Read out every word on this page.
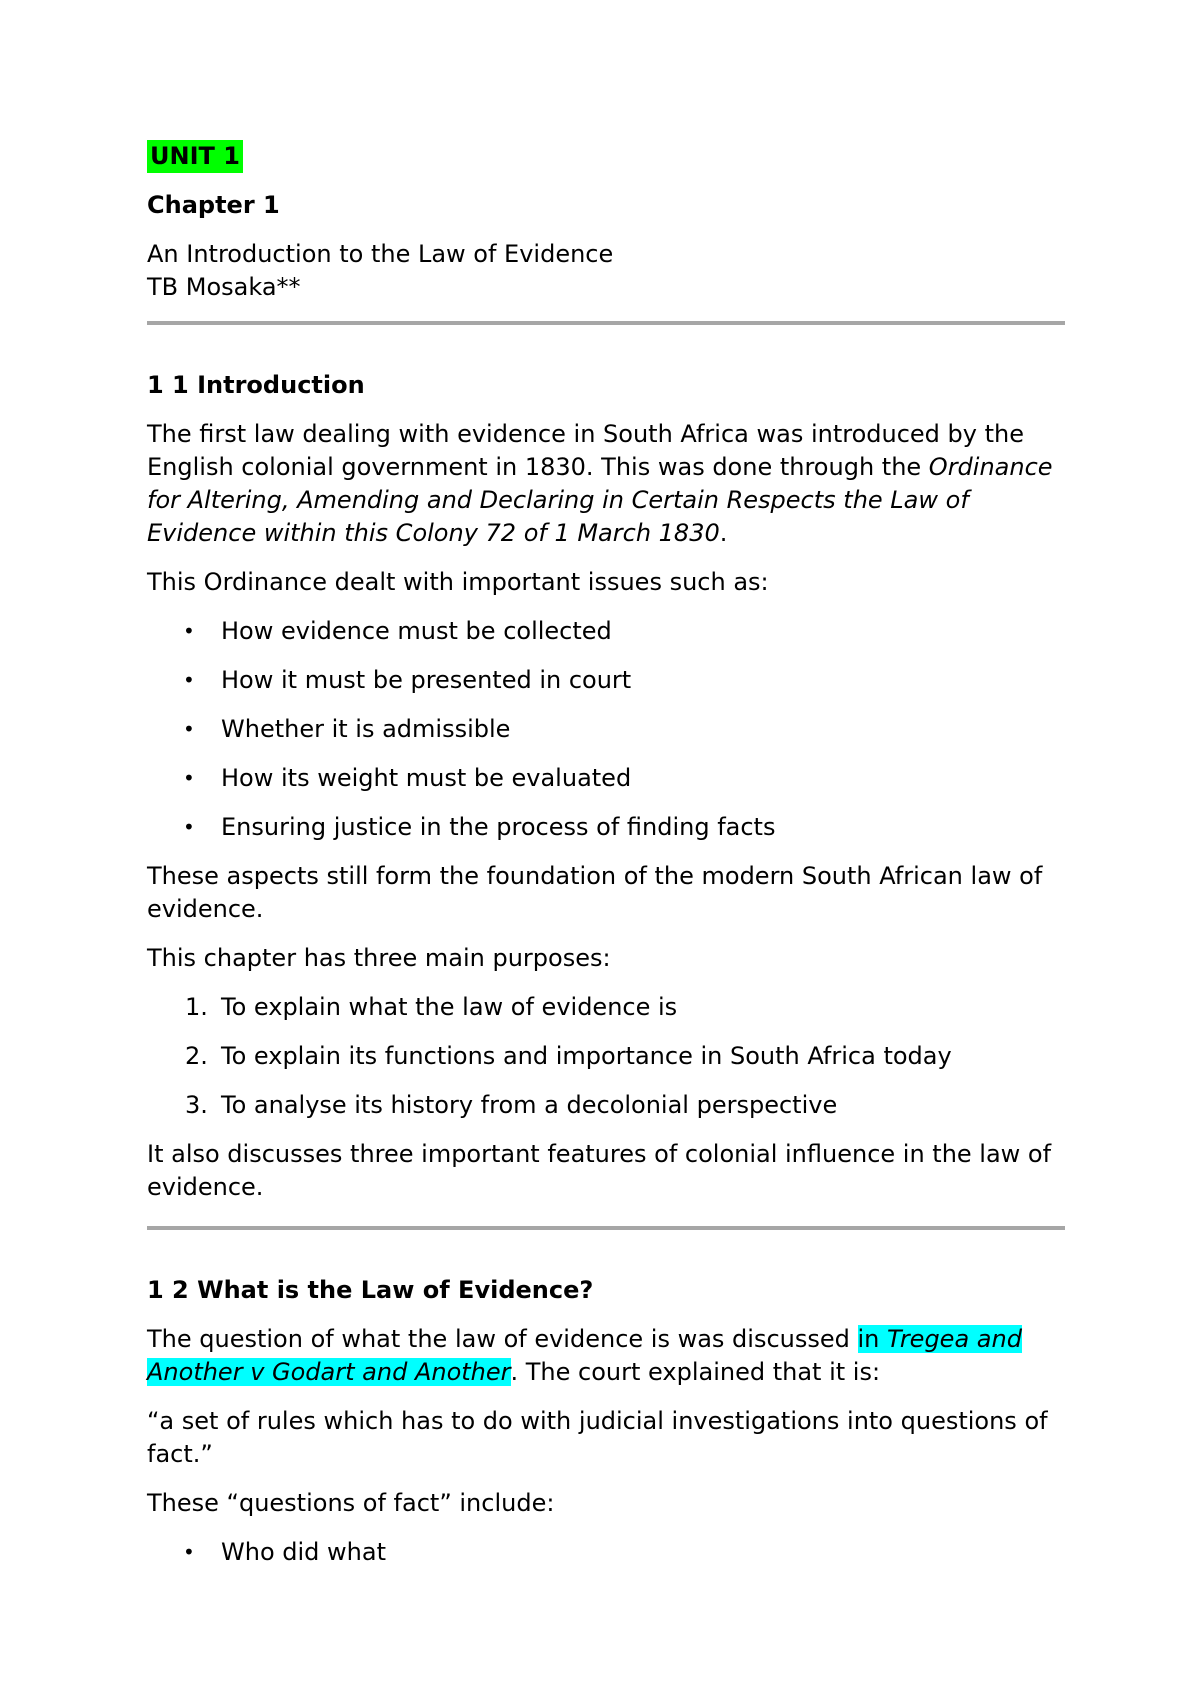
UNIT 1
Chapter 1
An Introduction to the Law of Evidence
TB Mosaka**
1 1 Introduction

The first law dealing with evidence in South Africa was introduced by the English colonial government in 1830. This was done through the Ordinance for Altering, Amending and Declaring in Certain Respects the Law of Evidence within this Colony 72 of 1 March 1830.

This Ordinance dealt with important issues such as:

• How evidence must be collected
• How it must be presented in court
• Whether it is admissible
• How its weight must be evaluated
• Ensuring justice in the process of finding facts

These aspects still form the foundation of the modern South African law of evidence.

This chapter has three main purposes:

1. To explain what the law of evidence is
2. To explain its functions and importance in South Africa today
3. To analyse its history from a decolonial perspective

It also discusses three important features of colonial influence in the law of evidence.

1 2 What is the Law of Evidence?

The question of what the law of evidence is was discussed in Tregea and Another v Godart and Another. The court explained that it is:

“a set of rules which has to do with judicial investigations into questions of fact.”

These “questions of fact” include:

• Who did what
